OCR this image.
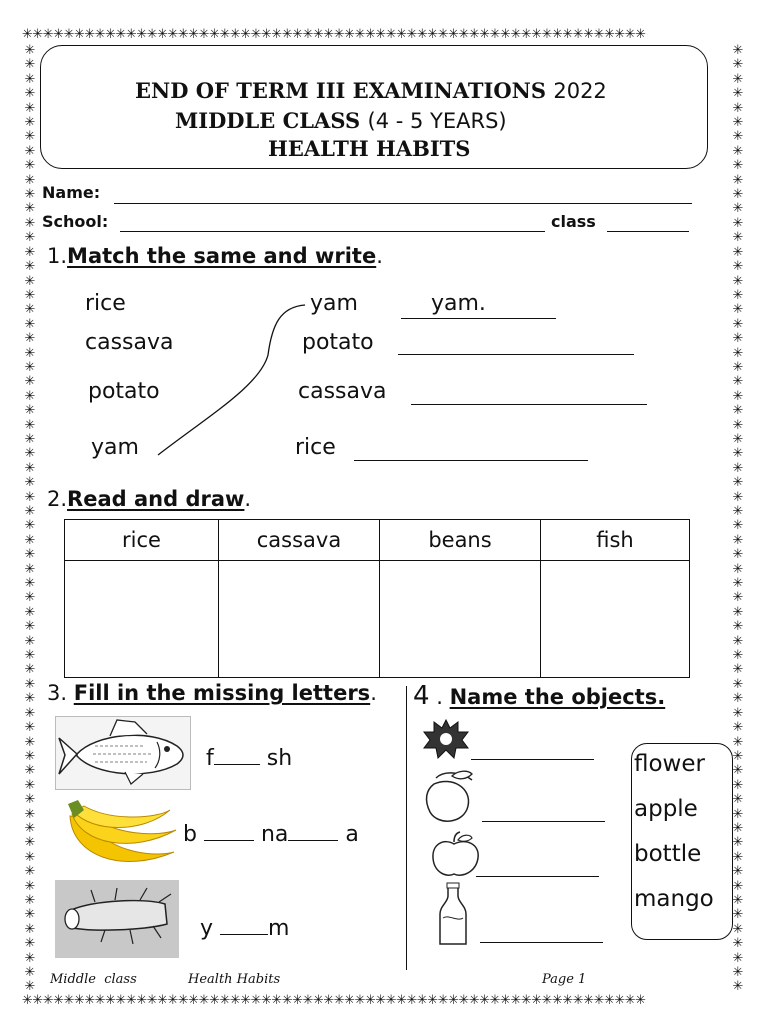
✳✳✳✳✳✳✳✳✳✳✳✳✳✳✳✳✳✳✳✳✳✳✳✳✳✳✳✳✳✳✳✳✳✳✳✳✳✳✳✳✳✳✳✳✳✳✳✳✳✳✳✳✳✳✳✳✳✳✳✳
✳✳✳✳✳✳✳✳✳✳✳✳✳✳✳✳✳✳✳✳✳✳✳✳✳✳✳✳✳✳✳✳✳✳✳✳✳✳✳✳✳✳✳✳✳✳✳✳✳✳✳✳✳✳✳✳✳✳✳✳
✳
✳
✳
✳
✳
✳
✳
✳
✳
✳
✳
✳
✳
✳
✳
✳
✳
✳
✳
✳
✳
✳
✳
✳
✳
✳
✳
✳
✳
✳
✳
✳
✳
✳
✳
✳
✳
✳
✳
✳
✳
✳
✳
✳
✳
✳
✳
✳
✳
✳
✳
✳
✳
✳
✳
✳
✳
✳
✳
✳
✳
✳
✳
✳
✳
✳
✳
✳
✳
✳
✳
✳
✳
✳
✳
✳
✳
✳
✳
✳
✳
✳
✳
✳
✳
✳
✳
✳
✳
✳
✳
✳
✳
✳
✳
✳
✳
✳
✳
✳
✳
✳
✳
✳
✳
✳
✳
✳
✳
✳
✳
✳
✳
✳
✳
✳
✳
✳
✳
✳
✳
✳
✳
✳
✳
✳
✳
✳
✳
✳
✳
✳
END OF TERM III EXAMINATIONS 2022
MIDDLE CLASS (4 - 5 YEARS)
HEALTH HABITS
Name:
School:	class
1.Match the same and write.
rice
cassava
potato
yam
yam
potato
cassava
rice
yam.
2.Read and draw.
rice	cassava	beans	fish

3. Fill in the missing letters.
f sh
b	na	a
y	m
4 . Name the objects.
flower
apple
bottle
mango
Middle  class	Health Habits	Page 1
